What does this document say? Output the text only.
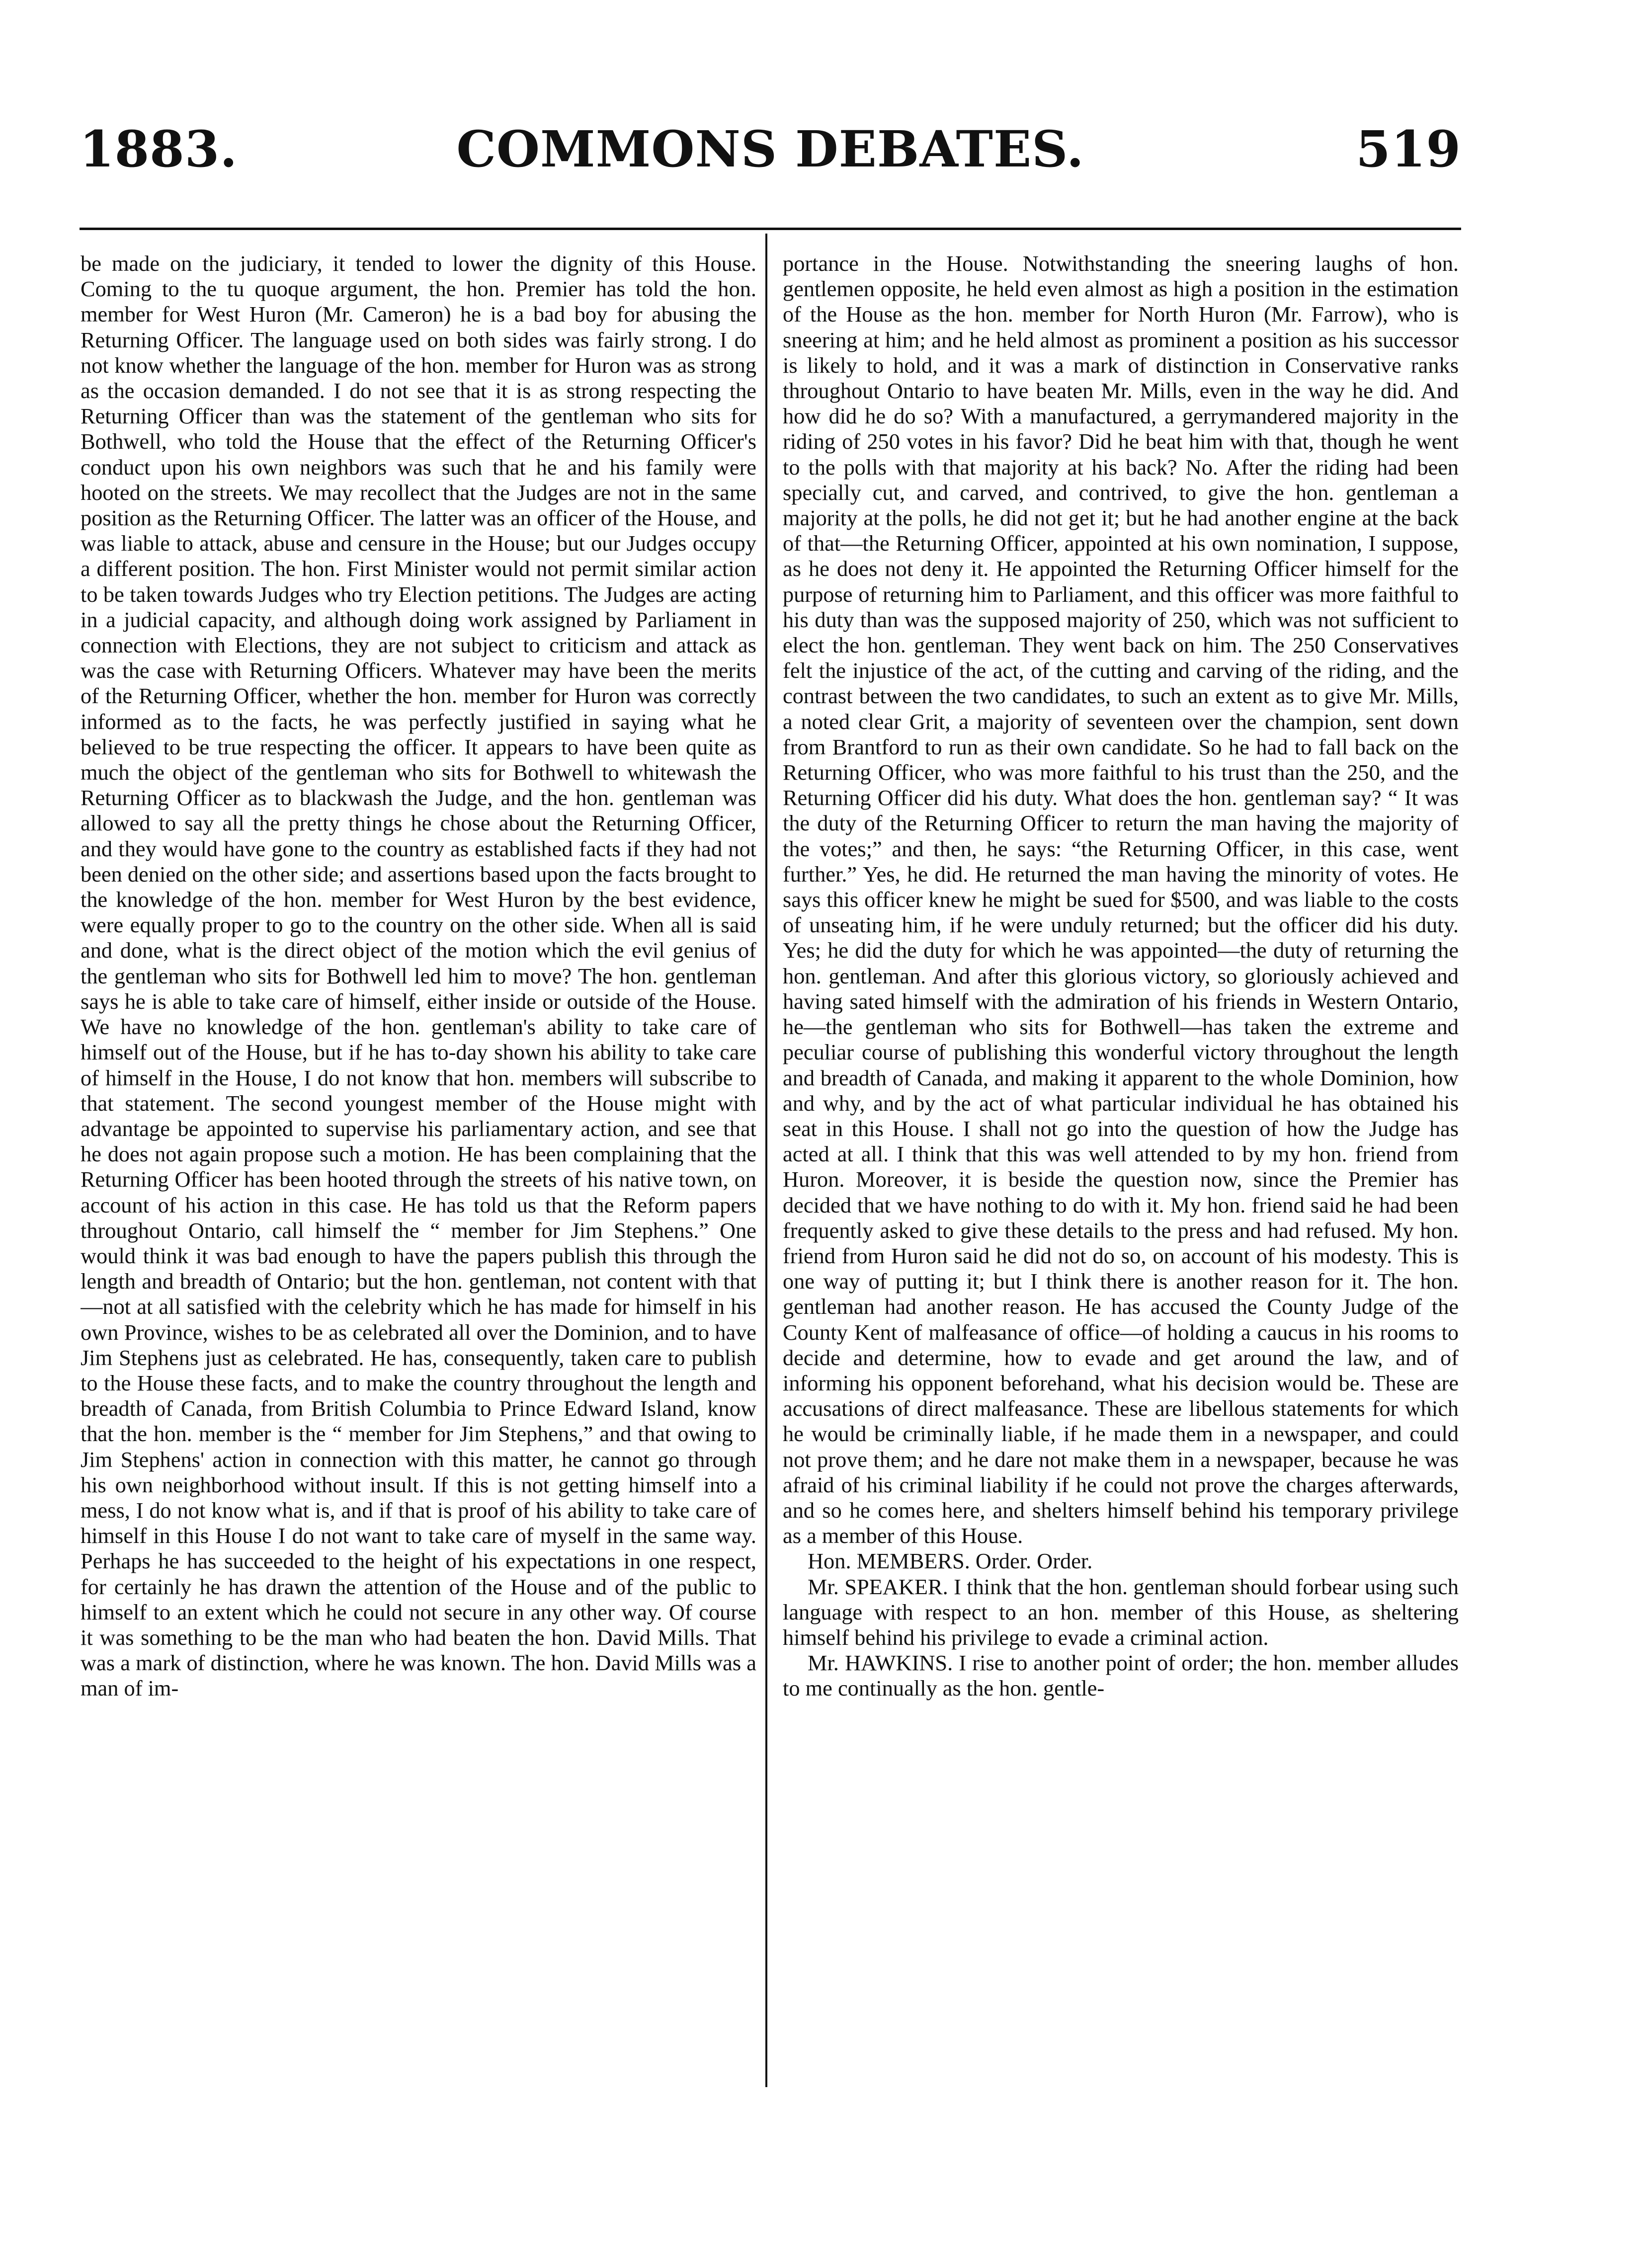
1883.	COMMONS DEBATES.	519

be made on the judiciary, it tended to lower the dignity of this House. Coming to the tu quoque argument, the hon. Premier has told the hon. member for West Huron (Mr. Cameron) he is a bad boy for abusing the Returning Officer. The language used on both sides was fairly strong. I do not know whether the language of the hon. member for Huron was as strong as the occasion demanded. I do not see that it is as strong respecting the Returning Officer than was the statement of the gentleman who sits for Bothwell, who told the House that the effect of the Returning Officer's conduct upon his own neighbors was such that he and his family were hooted on the streets. We may recollect that the Judges are not in the same position as the Returning Officer. The latter was an officer of the House, and was liable to attack, abuse and censure in the House; but our Judges occupy a different position. The hon. First Minister would not permit similar action to be taken towards Judges who try Election petitions. The Judges are acting in a judicial capacity, and although doing work assigned by Parliament in connection with Elections, they are not subject to criticism and attack as was the case with Returning Officers. Whatever may have been the merits of the Returning Officer, whether the hon. member for Huron was correctly informed as to the facts, he was perfectly justified in saying what he believed to be true respecting the officer. It appears to have been quite as much the object of the gentleman who sits for Bothwell to whitewash the Returning Officer as to blackwash the Judge, and the hon. gentleman was allowed to say all the pretty things he chose about the Returning Officer, and they would have gone to the country as established facts if they had not been denied on the other side; and assertions based upon the facts brought to the knowledge of the hon. member for West Huron by the best evidence, were equally proper to go to the country on the other side. When all is said and done, what is the direct object of the motion which the evil genius of the gentleman who sits for Bothwell led him to move? The hon. gentleman says he is able to take care of himself, either inside or outside of the House. We have no knowledge of the hon. gentleman's ability to take care of himself out of the House, but if he has to-day shown his ability to take care of himself in the House, I do not know that hon. members will subscribe to that statement. The second youngest member of the House might with advantage be appointed to supervise his parliamentary action, and see that he does not again propose such a motion. He has been complaining that the Returning Officer has been hooted through the streets of his native town, on account of his action in this case. He has told us that the Reform papers throughout Ontario, call himself the “ member for Jim Stephens.” One would think it was bad enough to have the papers publish this through the length and breadth of Ontario; but the hon. gentleman, not content with that—not at all satisfied with the celebrity which he has made for himself in his own Province, wishes to be as celebrated all over the Dominion, and to have Jim Stephens just as celebrated. He has, consequently, taken care to publish to the House these facts, and to make the country throughout the length and breadth of Canada, from British Columbia to Prince Edward Island, know that the hon. member is the “ member for Jim Stephens,” and that owing to Jim Stephens' action in connection with this matter, he cannot go through his own neighborhood without insult. If this is not getting himself into a mess, I do not know what is, and if that is proof of his ability to take care of himself in this House I do not want to take care of myself in the same way. Perhaps he has succeeded to the height of his expectations in one respect, for certainly he has drawn the attention of the House and of the public to himself to an extent which he could not secure in any other way. Of course it was something to be the man who had beaten the hon. David Mills. That was a mark of distinction, where he was known. The hon. David Mills was a man of im-

portance in the House. Notwithstanding the sneering laughs of hon. gentlemen opposite, he held even almost as high a position in the estimation of the House as the hon. member for North Huron (Mr. Farrow), who is sneering at him; and he held almost as prominent a position as his successor is likely to hold, and it was a mark of distinction in Conservative ranks throughout Ontario to have beaten Mr. Mills, even in the way he did. And how did he do so? With a manufactured, a gerrymandered majority in the riding of 250 votes in his favor? Did he beat him with that, though he went to the polls with that majority at his back? No. After the riding had been specially cut, and carved, and contrived, to give the hon. gentleman a majority at the polls, he did not get it; but he had another engine at the back of that—the Returning Officer, appointed at his own nomination, I suppose, as he does not deny it. He appointed the Returning Officer himself for the purpose of returning him to Parliament, and this officer was more faithful to his duty than was the supposed majority of 250, which was not sufficient to elect the hon. gentleman. They went back on him. The 250 Conservatives felt the injustice of the act, of the cutting and carving of the riding, and the contrast between the two candidates, to such an extent as to give Mr. Mills, a noted clear Grit, a majority of seventeen over the champion, sent down from Brantford to run as their own candidate. So he had to fall back on the Returning Officer, who was more faithful to his trust than the 250, and the Returning Officer did his duty. What does the hon. gentleman say? “ It was the duty of the Returning Officer to return the man having the majority of the votes;” and then, he says: “the Returning Officer, in this case, went further.” Yes, he did. He returned the man having the minority of votes. He says this officer knew he might be sued for $500, and was liable to the costs of unseating him, if he were unduly returned; but the officer did his duty. Yes; he did the duty for which he was appointed—the duty of returning the hon. gentleman. And after this glorious victory, so gloriously achieved and having sated himself with the admiration of his friends in Western Ontario, he—the gentleman who sits for Bothwell—has taken the extreme and peculiar course of publishing this wonderful victory throughout the length and breadth of Canada, and making it apparent to the whole Dominion, how and why, and by the act of what particular individual he has obtained his seat in this House. I shall not go into the question of how the Judge has acted at all. I think that this was well attended to by my hon. friend from Huron. Moreover, it is beside the question now, since the Premier has decided that we have nothing to do with it. My hon. friend said he had been frequently asked to give these details to the press and had refused. My hon. friend from Huron said he did not do so, on account of his modesty. This is one way of putting it; but I think there is another reason for it. The hon. gentleman had another reason. He has accused the County Judge of the County Kent of malfeasance of office—of holding a caucus in his rooms to decide and determine, how to evade and get around the law, and of informing his opponent beforehand, what his decision would be. These are accusations of direct malfeasance. These are libellous statements for which he would be criminally liable, if he made them in a newspaper, and could not prove them; and he dare not make them in a newspaper, because he was afraid of his criminal liability if he could not prove the charges afterwards, and so he comes here, and shelters himself behind his temporary privilege as a member of this House.

Hon. MEMBERS. Order. Order.

Mr. SPEAKER. I think that the hon. gentleman should forbear using such language with respect to an hon. member of this House, as sheltering himself behind his privilege to evade a criminal action.

Mr. HAWKINS. I rise to another point of order; the hon. member alludes to me continually as the hon. gentle-
